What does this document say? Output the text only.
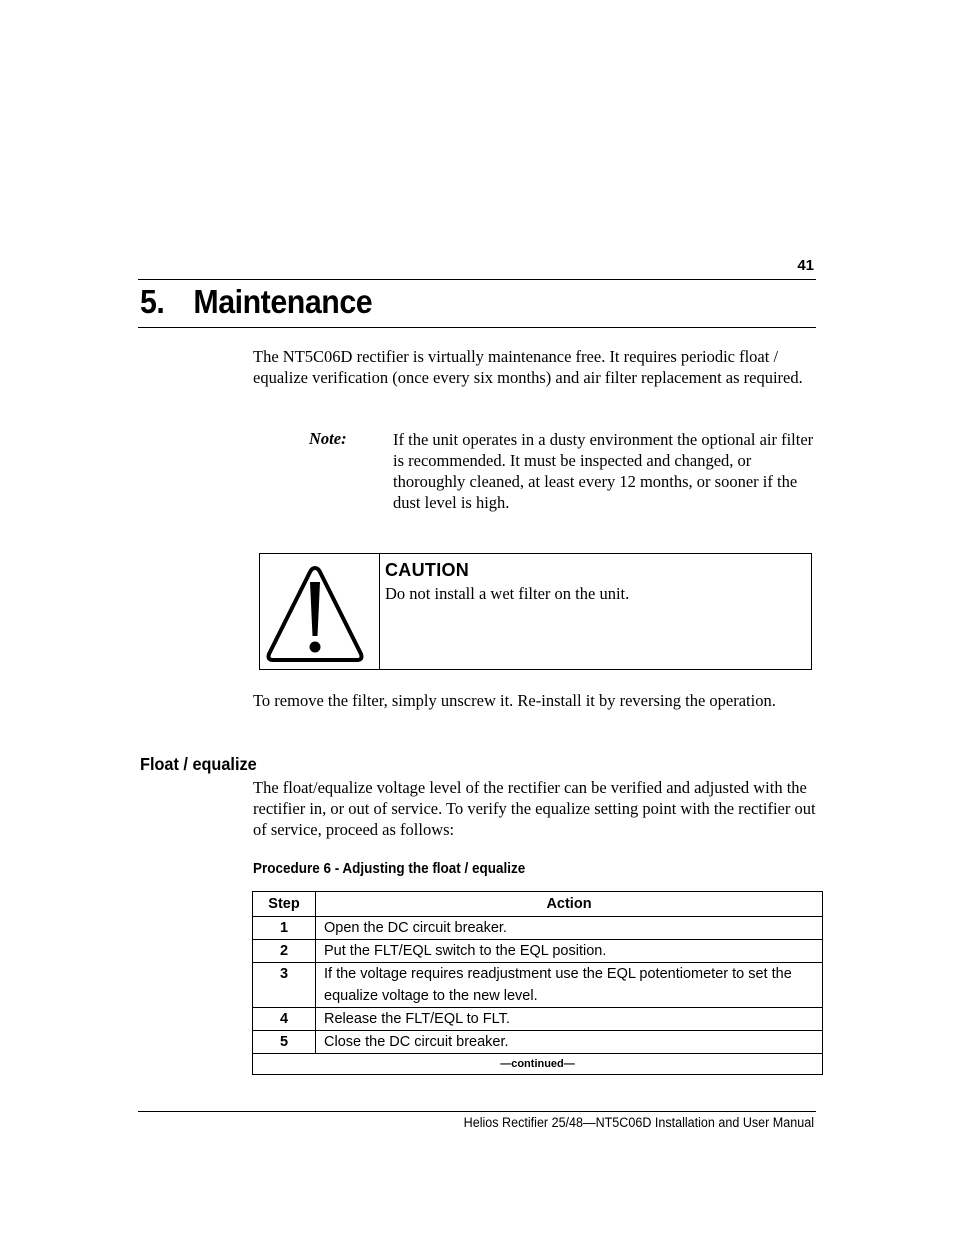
41
5. Maintenance

The NT5C06D rectifier is virtually maintenance free. It requires periodic float / equalize verification (once every six months) and air filter replacement as required.

Note:	If the unit operates in a dusty environment the optional air filter is recommended. It must be inspected and changed, or thoroughly cleaned, at least every 12 months, or sooner if the dust level is high.

CAUTION

Do not install a wet filter on the unit.

To remove the filter, simply unscrew it. Re-install it by reversing the operation.

Float / equalize

The float/equalize voltage level of the rectifier can be verified and adjusted with the rectifier in, or out of service. To verify the equalize setting point with the rectifier out of service, proceed as follows:

Procedure 6 - Adjusting the float / equalize

Step	Action
1	Open the DC circuit breaker.
2	Put the FLT/EQL switch to the EQL position.
3	If the voltage requires readjustment use the EQL potentiometer to set the equalize voltage to the new level.
4	Release the FLT/EQL to FLT.
5	Close the DC circuit breaker.
—continued—	

Helios Rectifier 25/48—NT5C06D Installation and User Manual
